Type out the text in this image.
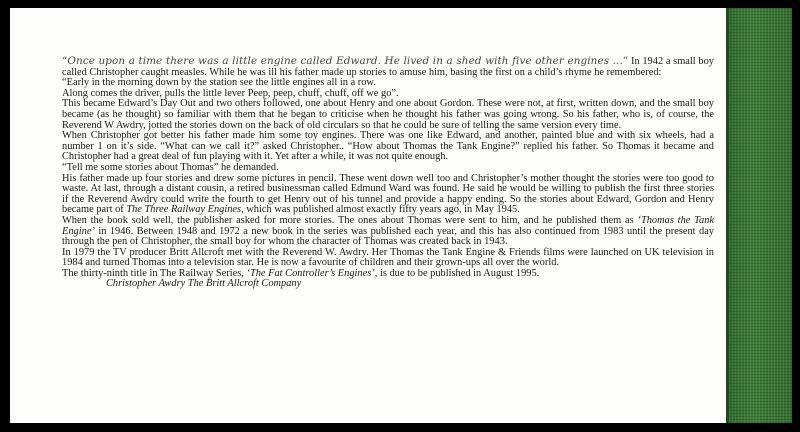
“Once upon a time there was a little engine called Edward. He lived in a shed with five other engines ...” In 1942 a small boy called Christopher caught measles. While he was ill his father made up stories to amuse him, basing the first on a child’s rhyme he remembered:

“Early in the morning down by the station see the little engines all in a row.

Along comes the driver, pulls the little lever Peep, peep, chuff, chuff, off we go”.

This became Edward’s Day Out and two others followed, one about Henry and one about Gordon. These were not, at first, written down, and the small boy became (as he thought) so familiar with them that he began to criticise when he thought his father was going wrong. So his father, who is, of course, the Reverend W Awdry, jotted the stories down on the back of old circulars so that he could be sure of telling the same version every time.

When Christopher got better his father made him some toy engines. There was one like Edward, and another, painted blue and with six wheels, had a number 1 on it’s side. “What can we call it?” asked Christopher.. “How about Thomas the Tank Engine?” replied his father. So Thomas it became and Christopher had a great deal of fun playing with it. Yet after a while, it was not quite enough.

“Tell me some stories about Thomas” he demanded.

His father made up four stories and drew some pictures in pencil. These went down well too and Christopher’s mother thought the stories were too good to waste. At last, through a distant cousin, a retired businessman called Edmund Ward was found. He said he would be willing to publish the first three stories if the Reverend Awdry could write the fourth to get Henry out of his tunnel and provide a happy ending. So the stories about Edward, Gordon and Henry became part of The Three Railway Engines, which was published almost exactly fifty years ago, in May 1945.

When the book sold well, the publisher asked for more stories. The ones about Thomas were sent to him, and he published them as ‘Thomas the Tank Engine’ in 1946. Between 1948 and 1972 a new book in the series was published each year, and this has also continued from 1983 until the present day through the pen of Christopher, the small boy for whom the character of Thomas was created back in 1943.

In 1979 the TV producer Britt Allcroft met with the Reverend W. Awdry. Her Thomas the Tank Engine & Friends films were launched on UK television in 1984 and turned Thomas into a television star. He is now a favourite of children and their grown-ups all over the world.

The thirty-ninth title in The Railway Series, ‘The Fat Controller’s Engines’, is due to be published in August 1995.

Christopher Awdry The Britt Allcroft Company
